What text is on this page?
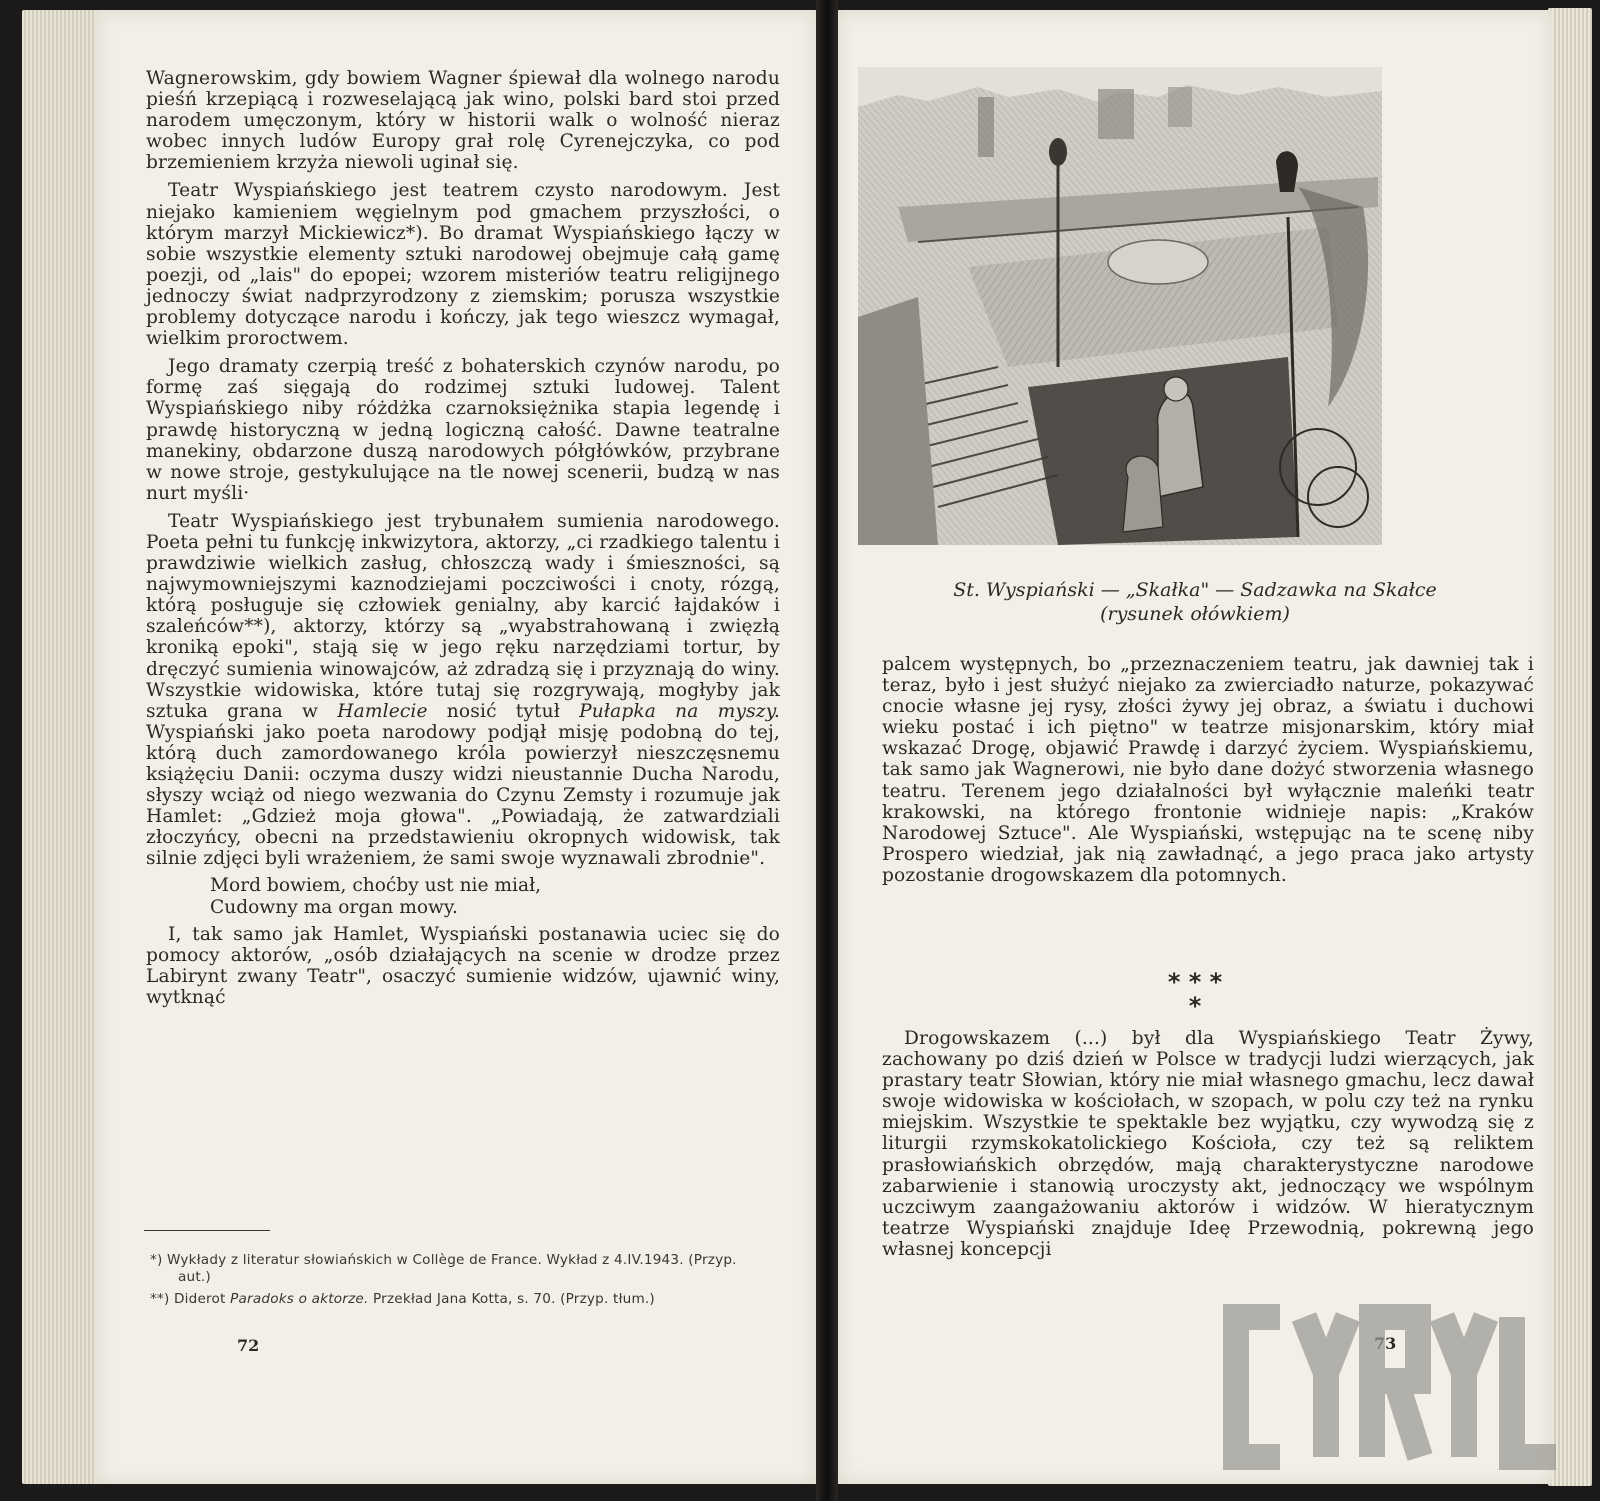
Wagnerowskim, gdy bowiem Wagner śpiewał dla wolnego narodu pieśń krzepiącą i rozweselającą jak wino, polski bard stoi przed narodem umęczonym, który w historii walk o wolność nieraz wobec innych ludów Europy grał rolę Cyrenejczyka, co pod brzemieniem krzyża niewoli uginał się.

Teatr Wyspiańskiego jest teatrem czysto narodowym. Jest niejako kamieniem węgielnym pod gmachem przyszłości, o którym marzył Mickiewicz*). Bo dramat Wyspiańskiego łączy w sobie wszystkie elementy sztuki narodowej obejmuje całą gamę poezji, od „lais" do epopei; wzorem misteriów teatru religijnego jednoczy świat nadprzyrodzony z ziemskim; porusza wszystkie problemy dotyczące narodu i kończy, jak tego wieszcz wymagał, wielkim proroctwem.

Jego dramaty czerpią treść z bohaterskich czynów narodu, po formę zaś sięgają do rodzimej sztuki ludowej. Talent Wyspiańskiego niby różdżka czarnoksiężnika stapia legendę i prawdę historyczną w jedną logiczną całość. Dawne teatralne manekiny, obdarzone duszą narodowych półgłówków, przybrane w nowe stroje, gestykulujące na tle nowej scenerii, budzą w nas nurt myśli·

Teatr Wyspiańskiego jest trybunałem sumienia narodowego. Poeta pełni tu funkcję inkwizytora, aktorzy, „ci rzadkiego talentu i prawdziwie wielkich zasług, chłoszczą wady i śmieszności, są najwymowniejszymi kaznodziejami poczciwości i cnoty, rózgą, którą posługuje się człowiek genialny, aby karcić łajdaków i szaleńców**), aktorzy, którzy są „wyabstrahowaną i zwięzłą kroniką epoki", stają się w jego ręku narzędziami tortur, by dręczyć sumienia winowajców, aż zdradzą się i przyznają do winy. Wszystkie widowiska, które tutaj się rozgrywają, mogłyby jak sztuka grana w Hamlecie nosić tytuł Pułapka na myszy. Wyspiański jako poeta narodowy podjął misję podobną do tej, którą duch zamordowanego króla powierzył nieszczęsnemu książęciu Danii: oczyma duszy widzi nieustannie Ducha Narodu, słyszy wciąż od niego wezwania do Czynu Zemsty i rozumuje jak Hamlet: „Gdzież moja głowa". „Powiadają, że zatwardziali złoczyńcy, obecni na przedstawieniu okropnych widowisk, tak silnie zdjęci byli wrażeniem, że sami swoje wyznawali zbrodnie".

Mord bowiem, choćby ust nie miał,
Cudowny ma organ mowy.

I, tak samo jak Hamlet, Wyspiański postanawia uciec się do pomocy aktorów, „osób działających na scenie w drodze przez Labirynt zwany Teatr", osaczyć sumienie widzów, ujawnić winy, wytknąć

*) Wykłady z literatur słowiańskich w Collège de France. Wykład z 4.IV.1943. (Przyp. aut.)
**) Diderot Paradoks o aktorze. Przekład Jana Kotta, s. 70. (Przyp. tłum.)
72
St. Wyspiański — „Skałka" — Sadzawka na Skałce
(rysunek ołówkiem)

palcem występnych, bo „przeznaczeniem teatru, jak dawniej tak i teraz, było i jest służyć niejako za zwierciadło naturze, pokazywać cnocie własne jej rysy, złości żywy jej obraz, a światu i duchowi wieku postać i ich piętno" w teatrze misjonarskim, który miał wskazać Drogę, objawić Prawdę i darzyć życiem. Wyspiańskiemu, tak samo jak Wagnerowi, nie było dane dożyć stworzenia własnego teatru. Terenem jego działalności był wyłącznie maleńki teatr krakowski, na którego frontonie widnieje napis: „Kraków Narodowej Sztuce". Ale Wyspiański, wstępując na te scenę niby Prospero wiedział, jak nią zawładnąć, a jego praca jako artysty pozostanie drogowskazem dla potomnych.

* * *
*

Drogowskazem (...) był dla Wyspiańskiego Teatr Żywy, zachowany po dziś dzień w Polsce w tradycji ludzi wierzących, jak prastary teatr Słowian, który nie miał własnego gmachu, lecz dawał swoje widowiska w kościołach, w szopach, w polu czy też na rynku miejskim. Wszystkie te spektakle bez wyjątku, czy wywodzą się z liturgii rzymskokatolickiego Kościoła, czy też są reliktem prasłowiańskich obrzędów, mają charakterystyczne narodowe zabarwienie i stanowią uroczysty akt, jednoczący we wspólnym uczciwym zaangażowaniu aktorów i widzów. W hieratycznym teatrze Wyspiański znajduje Ideę Przewodnią, pokrewną jego własnej koncepcji

73
